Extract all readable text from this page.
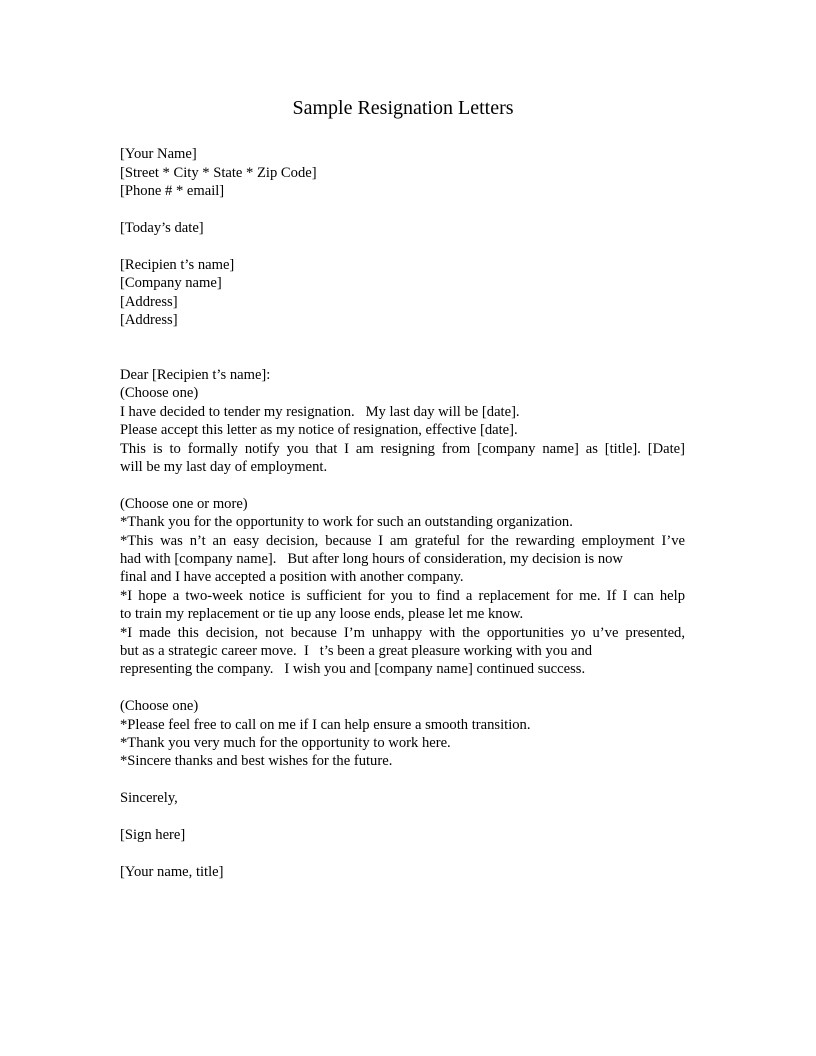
Sample Resignation Letters
[Your Name]
[Street * City * State * Zip Code]
[Phone # * email]
[Today’s date]
[Recipien t’s name]
[Company name]
[Address]
[Address]
Dear [Recipien t’s name]:
(Choose one)
I have decided to tender my resignation.   My last day will be [date].
Please accept this letter as my notice of resignation, effective [date].
This is to formally notify you that I am resigning from [company name] as [title]. [Date]
will be my last day of employment.
(Choose one or more)
*Thank you for the opportunity to work for such an outstanding organization.
*This was n’t an easy decision, because I am grateful for the rewarding employment I’ve
had with [company name].   But after long hours of consideration, my decision is now
final and I have accepted a position with another company.
*I hope a two-week notice is sufficient for you to find a replacement for me. If I can help
to train my replacement or tie up any loose ends, please let me know.
*I made this decision, not because I’m unhappy with the opportunities yo u’ve presented,
but as a strategic career move.  I   t’s been a great pleasure working with you and
representing the company.   I wish you and [company name] continued success.
(Choose one)
*Please feel free to call on me if I can help ensure a smooth transition.
*Thank you very much for the opportunity to work here.
*Sincere thanks and best wishes for the future.
Sincerely,
[Sign here]
[Your name, title]
